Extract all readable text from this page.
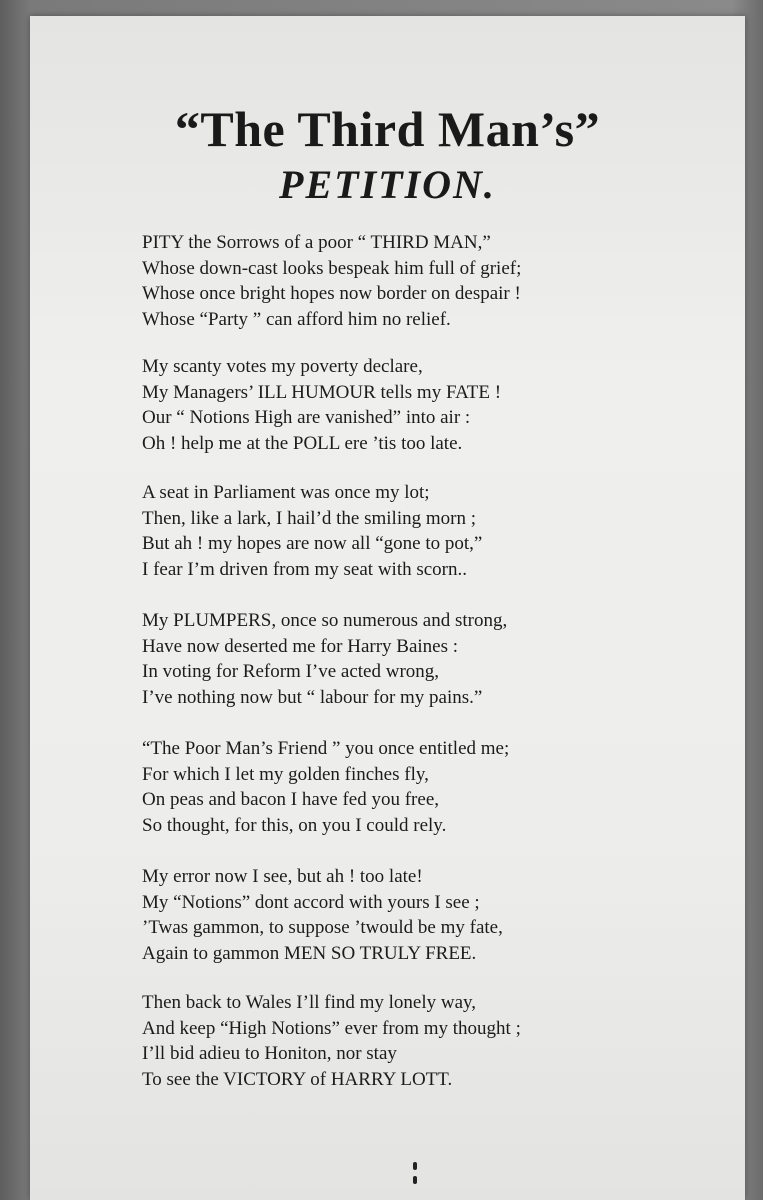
“The Third Man’s”
PETITION.
PITY the Sorrows of a poor “ THIRD MAN,”
Whose down-cast looks bespeak him full of grief;
Whose once bright hopes now border on despair !
Whose “Party ” can afford him no relief.
My scanty votes my poverty declare,
My Managers’ ILL HUMOUR tells my FATE !
Our “ Notions High are vanished” into air :
Oh ! help me at the POLL ere ’tis too late.
A seat in Parliament was once my lot;
Then, like a lark, I hail’d the smiling morn ;
But ah ! my hopes are now all “gone to pot,”
I fear I’m driven from my seat with scorn..
My PLUMPERS, once so numerous and strong,
Have now deserted me for Harry Baines :
In voting for Reform I’ve acted wrong,
I’ve nothing now but “ labour for my pains.”
“The Poor Man’s Friend ” you once entitled me;
For which I let my golden finches fly,
On peas and bacon I have fed you free,
So thought, for this, on you I could rely.
My error now I see, but ah ! too late!
My “Notions” dont accord with yours I see ;
’Twas gammon, to suppose ’twould be my fate,
Again to gammon MEN SO TRULY FREE.
Then back to Wales I’ll find my lonely way,
And keep “High Notions” ever from my thought ;
I’ll bid adieu to Honiton, nor stay
To see the VICTORY of HARRY LOTT.
